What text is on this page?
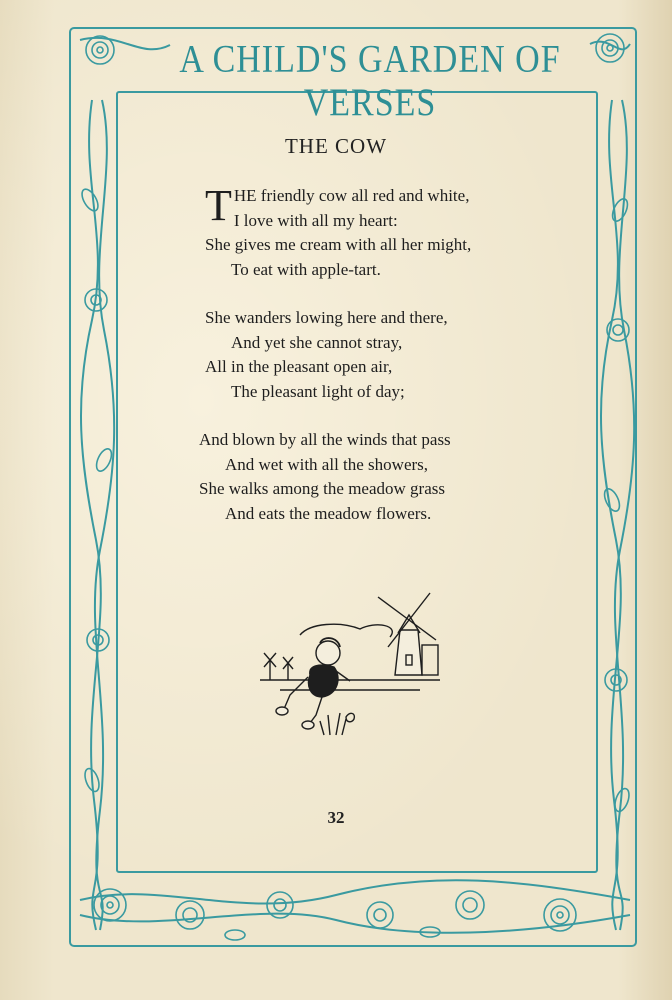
A CHILD'S GARDEN OF VERSES
THE COW
T HE friendly cow all red and white,
I love with all my heart:
She gives me cream with all her might,
To eat with apple-tart.
She wanders lowing here and there,
And yet she cannot stray,
All in the pleasant open air,
The pleasant light of day;
And blown by all the winds that pass
And wet with all the showers,
She walks among the meadow grass
And eats the meadow flowers.
32
